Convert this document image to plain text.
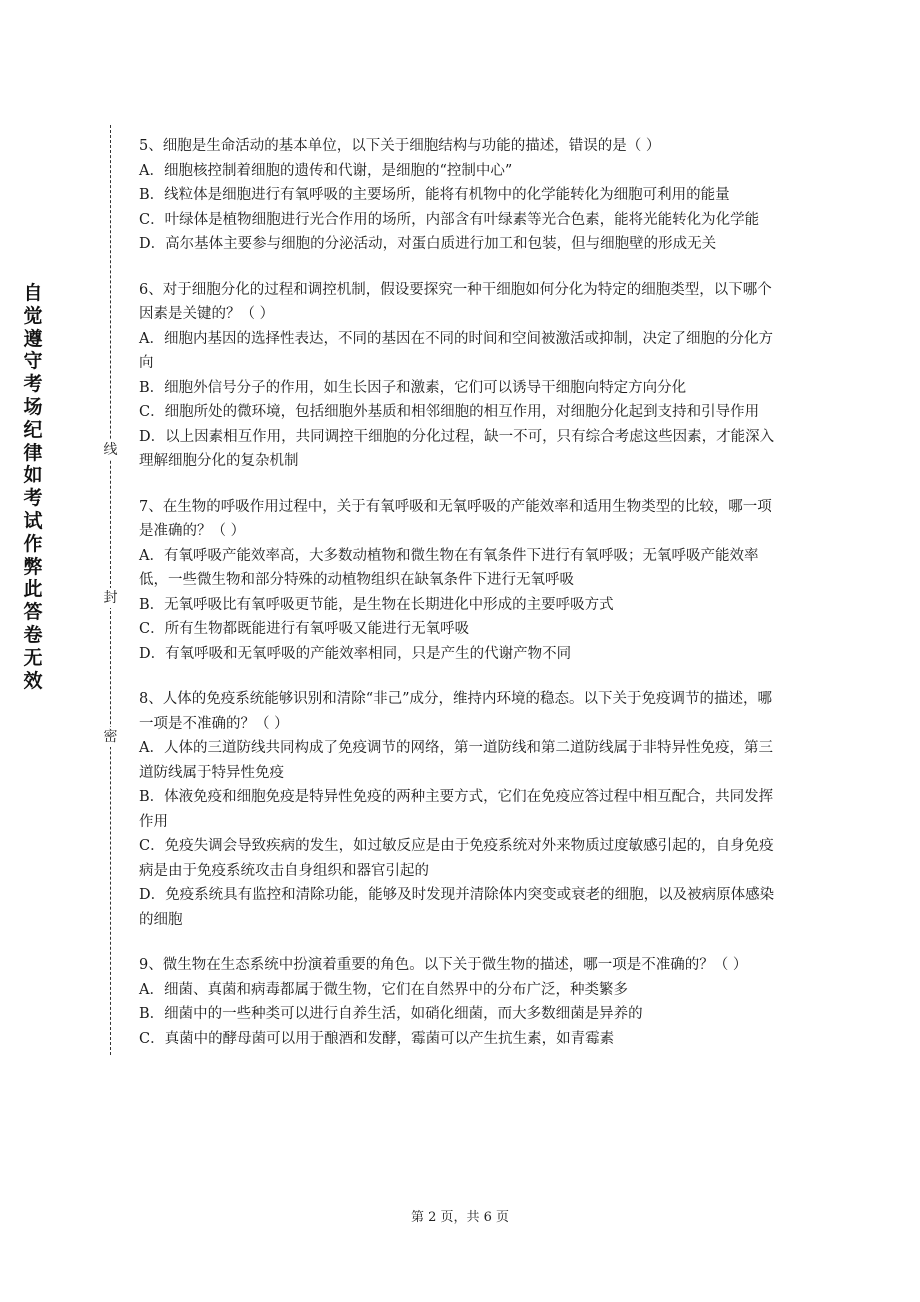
自觉遵守考场纪律如考试作弊此答卷无效
线
封
密

5、细胞是生命活动的基本单位，以下关于细胞结构与功能的描述，错误的是（ ）

A．细胞核控制着细胞的遗传和代谢，是细胞的“控制中心”

B．线粒体是细胞进行有氧呼吸的主要场所，能将有机物中的化学能转化为细胞可利用的能量

C．叶绿体是植物细胞进行光合作用的场所，内部含有叶绿素等光合色素，能将光能转化为化学能

D．高尔基体主要参与细胞的分泌活动，对蛋白质进行加工和包装，但与细胞壁的形成无关

6、对于细胞分化的过程和调控机制，假设要探究一种干细胞如何分化为特定的细胞类型，以下哪个因素是关键的？（ ）

A．细胞内基因的选择性表达，不同的基因在不同的时间和空间被激活或抑制，决定了细胞的分化方向

B．细胞外信号分子的作用，如生长因子和激素，它们可以诱导干细胞向特定方向分化

C．细胞所处的微环境，包括细胞外基质和相邻细胞的相互作用，对细胞分化起到支持和引导作用

D．以上因素相互作用，共同调控干细胞的分化过程，缺一不可，只有综合考虑这些因素，才能深入理解细胞分化的复杂机制

7、在生物的呼吸作用过程中，关于有氧呼吸和无氧呼吸的产能效率和适用生物类型的比较，哪一项是准确的？（ ）

A．有氧呼吸产能效率高，大多数动植物和微生物在有氧条件下进行有氧呼吸；无氧呼吸产能效率低，一些微生物和部分特殊的动植物组织在缺氧条件下进行无氧呼吸

B．无氧呼吸比有氧呼吸更节能，是生物在长期进化中形成的主要呼吸方式

C．所有生物都既能进行有氧呼吸又能进行无氧呼吸

D．有氧呼吸和无氧呼吸的产能效率相同，只是产生的代谢产物不同

8、人体的免疫系统能够识别和清除“非己”成分，维持内环境的稳态。以下关于免疫调节的描述，哪一项是不准确的？（ ）

A．人体的三道防线共同构成了免疫调节的网络，第一道防线和第二道防线属于非特异性免疫，第三道防线属于特异性免疫

B．体液免疫和细胞免疫是特异性免疫的两种主要方式，它们在免疫应答过程中相互配合，共同发挥作用

C．免疫失调会导致疾病的发生，如过敏反应是由于免疫系统对外来物质过度敏感引起的，自身免疫病是由于免疫系统攻击自身组织和器官引起的

D．免疫系统具有监控和清除功能，能够及时发现并清除体内突变或衰老的细胞，以及被病原体感染的细胞

9、微生物在生态系统中扮演着重要的角色。以下关于微生物的描述，哪一项是不准确的？（ ）

A．细菌、真菌和病毒都属于微生物，它们在自然界中的分布广泛，种类繁多

B．细菌中的一些种类可以进行自养生活，如硝化细菌，而大多数细菌是异养的

C．真菌中的酵母菌可以用于酿酒和发酵，霉菌可以产生抗生素，如青霉素

第 2 页，共 6 页
